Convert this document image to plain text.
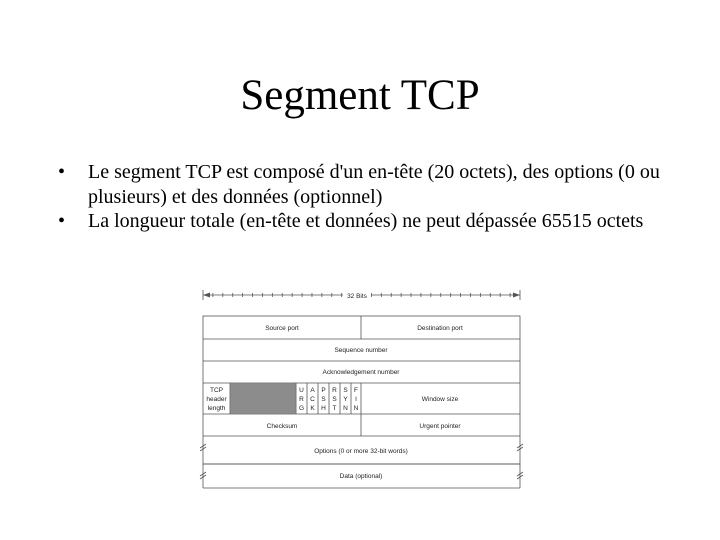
Segment TCP
• Le segment TCP est composé d'un en-tête (20 octets), des options (0 ou plusieurs) et des données (optionnel)
• La longueur totale (en-tête et données) ne peut dépassée 65515 octets
32 Bits
Source port	Destination port
Sequence number
Acknowledgement number
TCP
header
length
Window size
Checksum	Urgent pointer
Options (0 or more 32-bit words)
Data (optional)
U
R
G
A
C
K
P
S
H
R
S
T
S
Y
N
F
I
N
